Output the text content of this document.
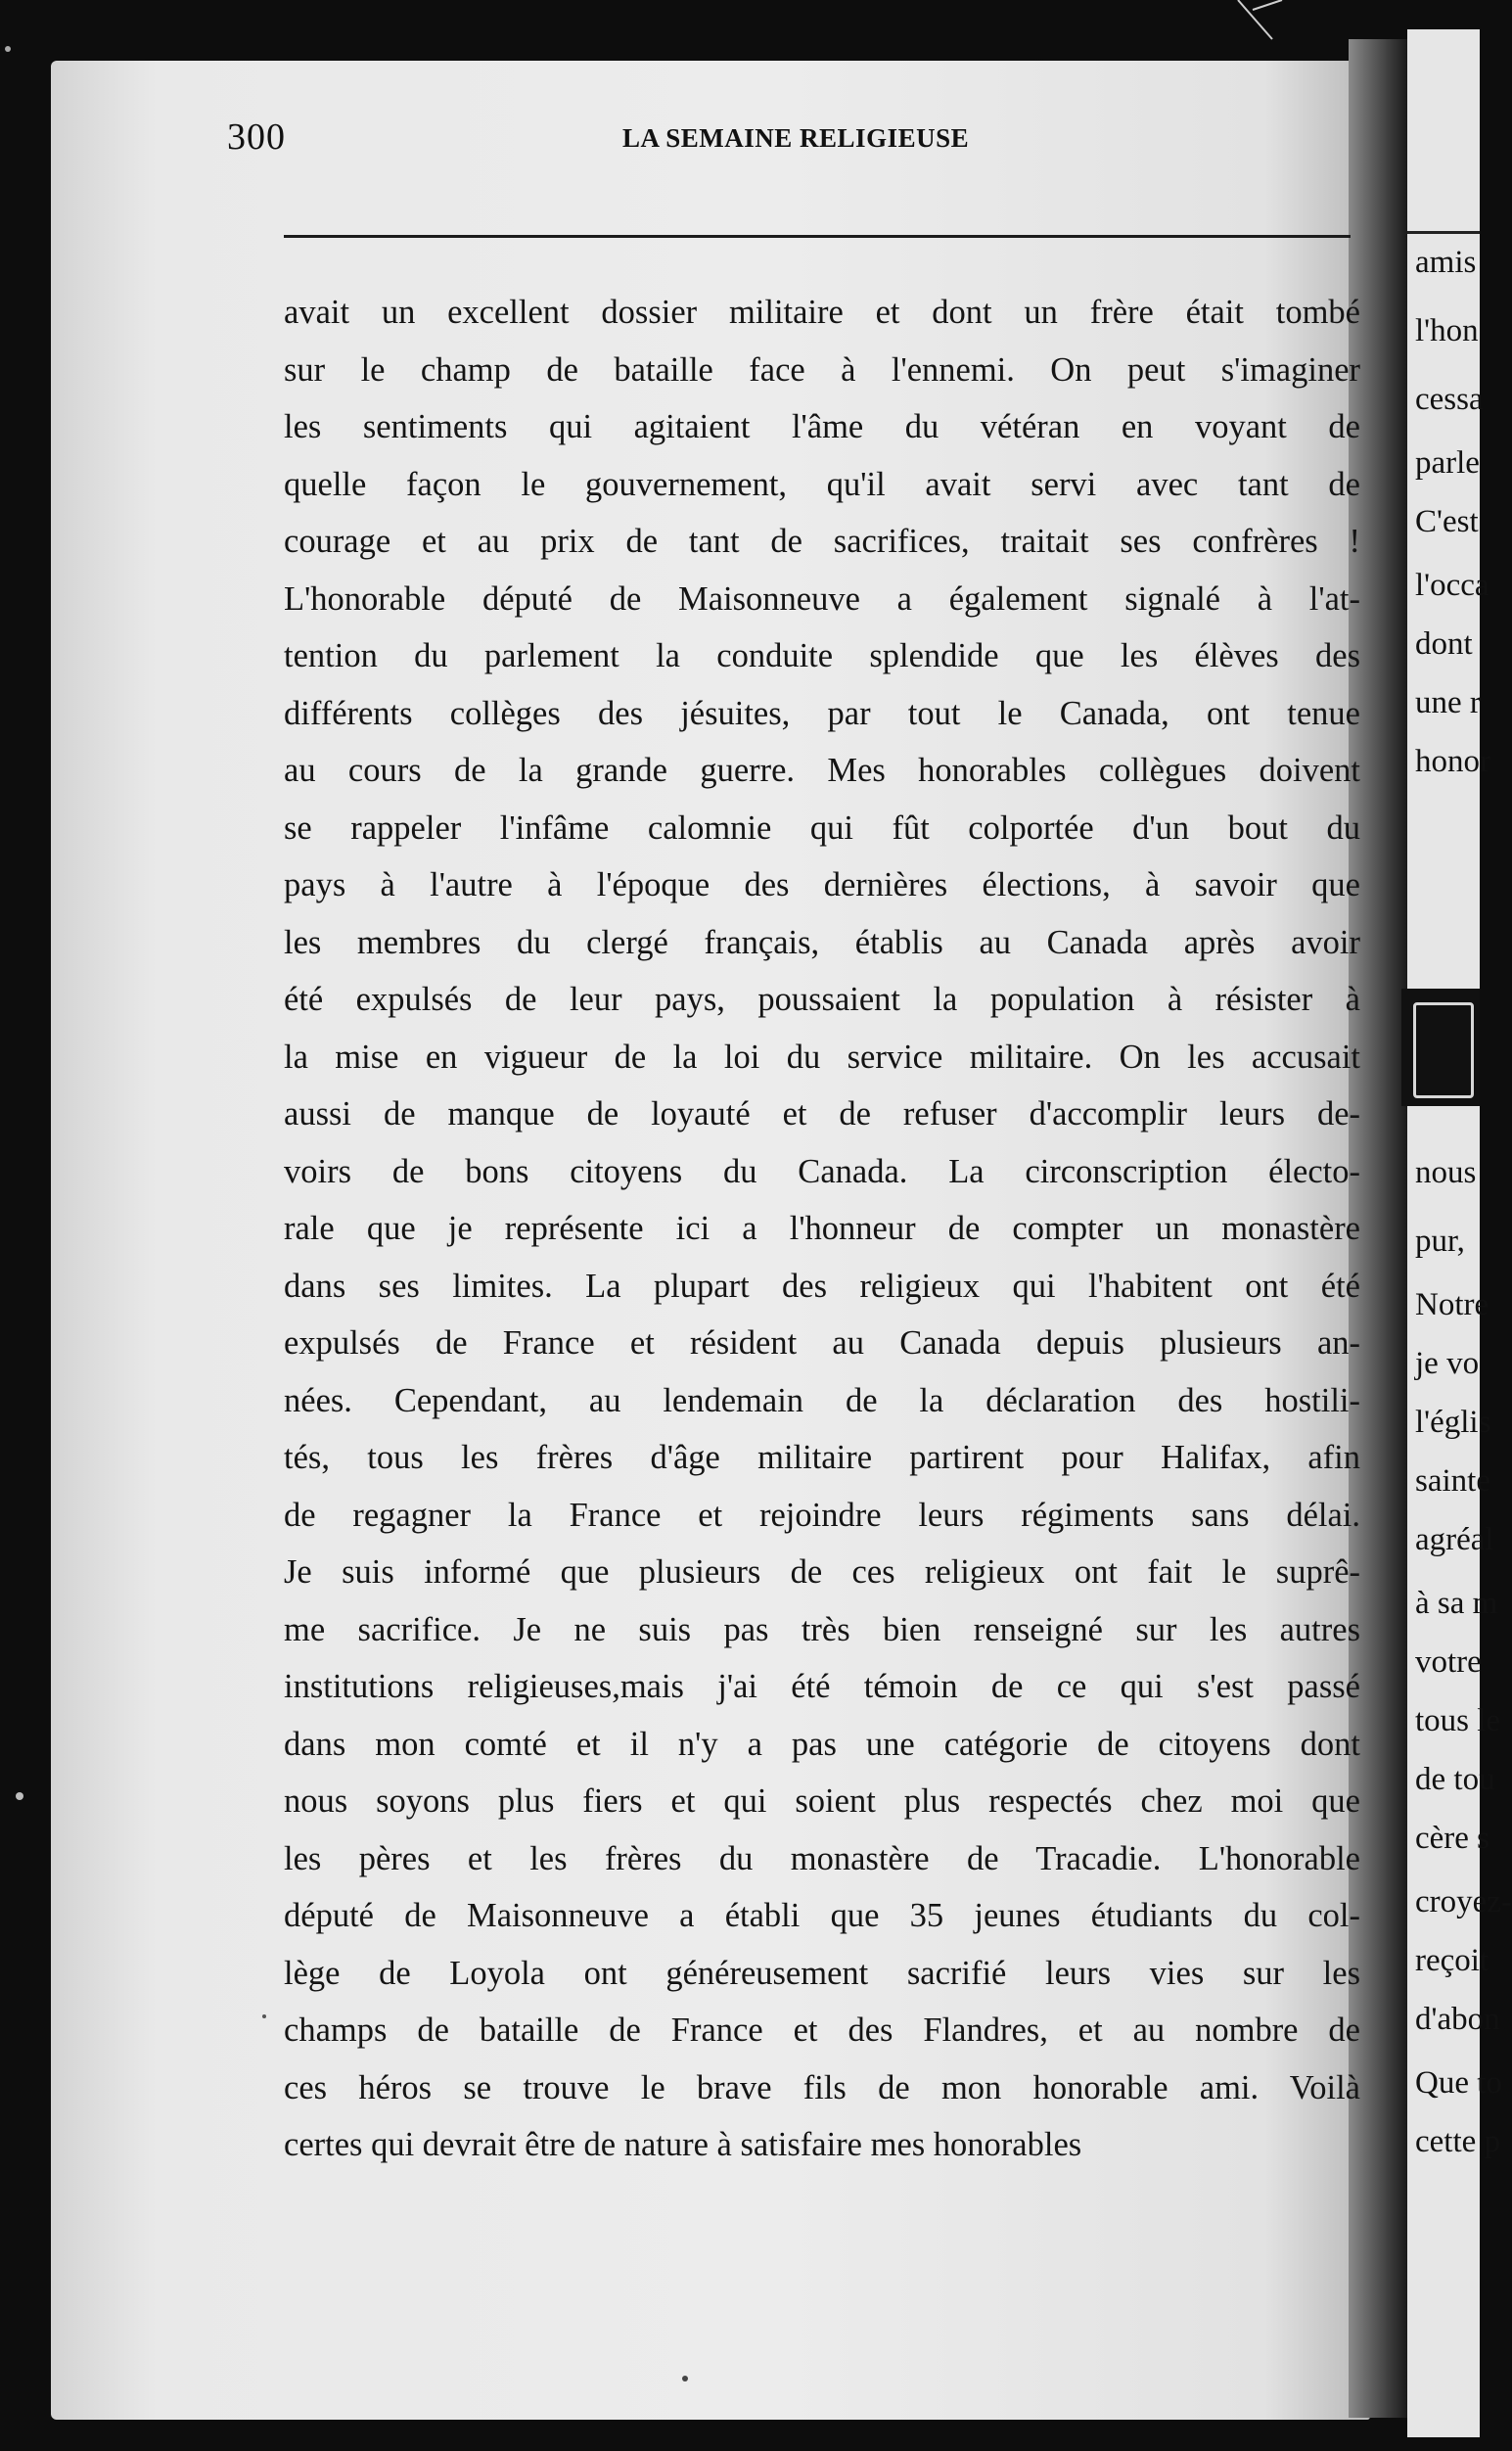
300	LA SEMAINE RELIGIEUSE
avait un excellent dossier militaire et dont un frère était tombé
sur le champ de bataille face à l'ennemi. On peut s'imaginer
les sentiments qui agitaient l'âme du vétéran en voyant de
quelle façon le gouvernement, qu'il avait servi avec tant de
courage et au prix de tant de sacrifices, traitait ses confrères !
L'honorable député de Maisonneuve a également signalé à l'at-
tention du parlement la conduite splendide que les élèves des
différents collèges des jésuites, par tout le Canada, ont tenue
au cours de la grande guerre. Mes honorables collègues doivent
se rappeler l'infâme calomnie qui fût colportée d'un bout du
pays à l'autre à l'époque des dernières élections, à savoir que
les membres du clergé français, établis au Canada après avoir
été expulsés de leur pays, poussaient la population à résister à
la mise en vigueur de la loi du service militaire. On les accusait
aussi de manque de loyauté et de refuser d'accomplir leurs de-
voirs de bons citoyens du Canada. La circonscription électo-
rale que je représente ici a l'honneur de compter un monastère
dans ses limites. La plupart des religieux qui l'habitent ont été
expulsés de France et résident au Canada depuis plusieurs an-
nées. Cependant, au lendemain de la déclaration des hostili-
tés, tous les frères d'âge militaire partirent pour Halifax, afin
de regagner la France et rejoindre leurs régiments sans délai.
Je suis informé que plusieurs de ces religieux ont fait le suprê-
me sacrifice. Je ne suis pas très bien renseigné sur les autres
institutions religieuses,mais j'ai été témoin de ce qui s'est passé
dans mon comté et il n'y a pas une catégorie de citoyens dont
nous soyons plus fiers et qui soient plus respectés chez moi que
les pères et les frères du monastère de Tracadie. L'honorable
député de Maisonneuve a établi que 35 jeunes étudiants du col-
lège de Loyola ont généreusement sacrifié leurs vies sur les
champs de bataille de France et des Flandres, et au nombre de
ces héros se trouve le brave fils de mon honorable ami. Voilà
certes qui devrait être de nature à satisfaire mes honorables
amis
l'hon
cessa
parle
C'est
l'occa
dont
une r
honor
nous
pur,
Notre
je vo
l'églis
sainte
agréal
à sa m
votre
tous le
de tou
cère s
croyez-
reçoit
d'abon
Que to
cette p
